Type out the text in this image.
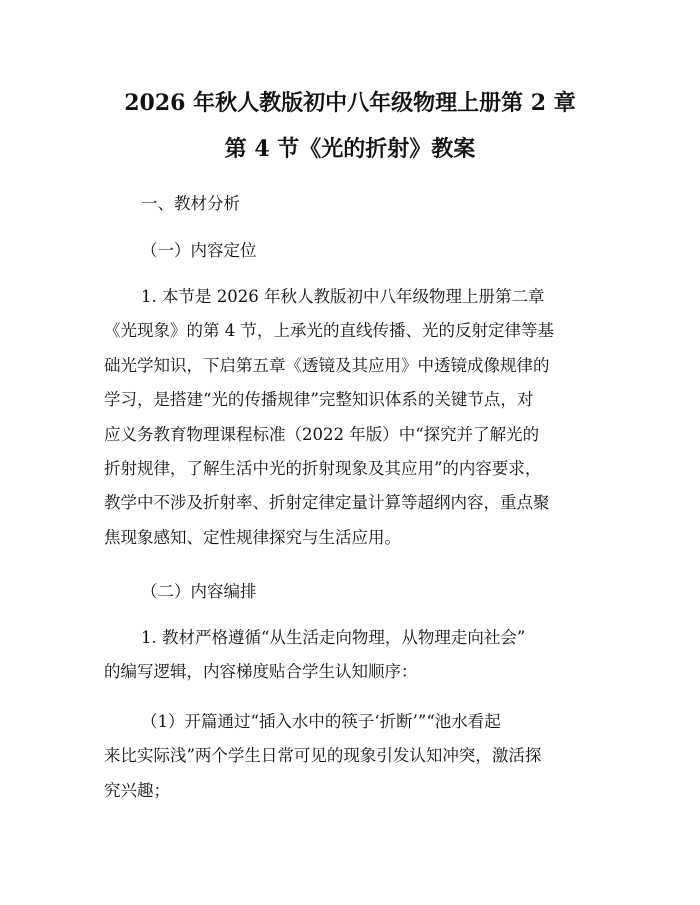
2026 年秋人教版初中八年级物理上册第 2 章
第 4 节《光的折射》教案
一、教材分析
（一）内容定位
1. 本节是 2026 年秋人教版初中八年级物理上册第二章
《光现象》的第 4 节，上承光的直线传播、光的反射定律等基
础光学知识，下启第五章《透镜及其应用》中透镜成像规律的
学习，是搭建“光的传播规律”完整知识体系的关键节点，对
应义务教育物理课程标准（2022 年版）中“探究并了解光的
折射规律，了解生活中光的折射现象及其应用”的内容要求，
教学中不涉及折射率、折射定律定量计算等超纲内容，重点聚
焦现象感知、定性规律探究与生活应用。
（二）内容编排
1. 教材严格遵循“从生活走向物理，从物理走向社会”
的编写逻辑，内容梯度贴合学生认知顺序：
（1）开篇通过“插入水中的筷子‘折断’”“池水看起
来比实际浅”两个学生日常可见的现象引发认知冲突，激活探
究兴趣；
